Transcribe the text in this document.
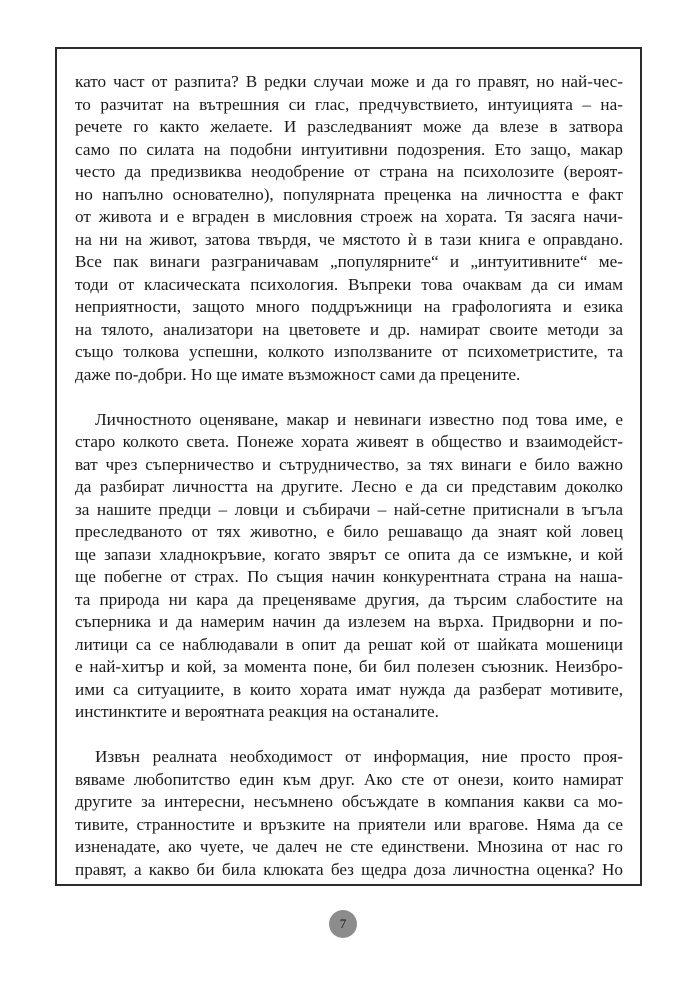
като част от разпита? В редки случаи може и да го правят, но най-чес-
то разчитат на вътрешния си глас, предчувствието, интуицията – на-
речете го както желаете. И разследваният може да влезе в затвора
само по силата на подобни интуитивни подозрения. Ето защо, макар
често да предизвиква неодобрение от страна на психолозите (вероят-
но напълно основателно), популярната преценка на личността е факт
от живота и е вграден в мисловния строеж на хората. Тя засяга начи-
на ни на живот, затова твърдя, че мястото ѝ в тази книга е оправдано.
Все пак винаги разграничавам „популярните“ и „интуитивните“ ме-
тоди от класическата психология. Въпреки това очаквам да си имам
неприятности, защото много поддръжници на графологията и езика
на тялото, анализатори на цветовете и др. намират своите методи за
също толкова успешни, колкото използваните от психометристите, та
даже по-добри. Но ще имате възможност сами да прецените.
Личностното оценяване, макар и невинаги известно под това име, е
старо колкото света. Понеже хората живеят в общество и взаимодейст-
ват чрез съперничество и сътрудничество, за тях винаги е било важно
да разбират личността на другите. Лесно е да си представим доколко
за нашите предци – ловци и събирачи – най-сетне притиснали в ъгъла
преследваното от тях животно, е било решаващо да знаят кой ловец
ще запази хладнокръвие, когато звярът се опита да се измъкне, и кой
ще побегне от страх. По същия начин конкурентната страна на наша-
та природа ни кара да преценяваме другия, да търсим слабостите на
съперника и да намерим начин да излезем на върха. Придворни и по-
литици са се наблюдавали в опит да решат кой от шайката мошеници
е най-хитър и кой, за момента поне, би бил полезен съюзник. Неизбро-
ими са ситуациите, в които хората имат нужда да разберат мотивите,
инстинктите и вероятната реакция на останалите.
Извън реалната необходимост от информация, ние просто проя-
вяваме любопитство един към друг. Ако сте от онези, които намират
другите за интересни, несъмнено обсъждате в компания какви са мо-
тивите, странностите и връзките на приятели или врагове. Няма да се
изненадате, ако чуете, че далеч не сте единствени. Мнозина от нас го
правят, а какво би била клюката без щедра доза личностна оценка? Но
7
